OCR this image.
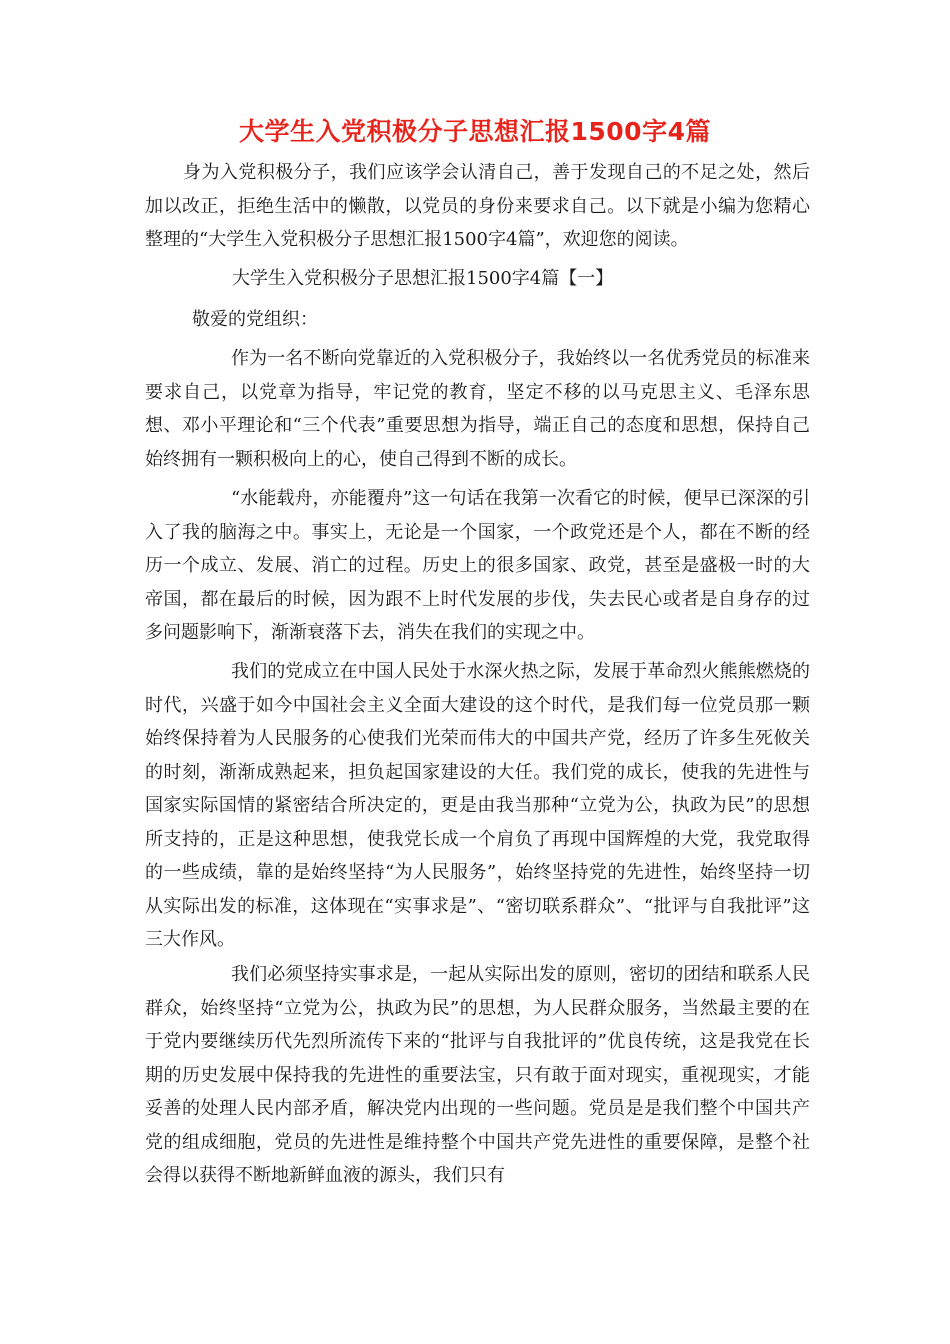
大学生入党积极分子思想汇报1500字4篇

身为入党积极分子，我们应该学会认清自己，善于发现自己的不足之处，然后加以改正，拒绝生活中的懒散，以党员的身份来要求自己。以下就是小编为您精心整理的“大学生入党积极分子思想汇报1500字4篇”，欢迎您的阅读。

大学生入党积极分子思想汇报1500字4篇【一】

敬爱的党组织：

作为一名不断向党靠近的入党积极分子，我始终以一名优秀党员的标准来要求自己，以党章为指导，牢记党的教育，坚定不移的以马克思主义、毛泽东思想、邓小平理论和“三个代表”重要思想为指导，端正自己的态度和思想，保持自己始终拥有一颗积极向上的心，使自己得到不断的成长。

“水能载舟，亦能覆舟”这一句话在我第一次看它的时候，便早已深深的引入了我的脑海之中。事实上，无论是一个国家，一个政党还是个人，都在不断的经历一个成立、发展、消亡的过程。历史上的很多国家、政党，甚至是盛极一时的大帝国，都在最后的时候，因为跟不上时代发展的步伐，失去民心或者是自身存的过多问题影响下，渐渐衰落下去，消失在我们的实现之中。

我们的党成立在中国人民处于水深火热之际，发展于革命烈火熊熊燃烧的时代，兴盛于如今中国社会主义全面大建设的这个时代，是我们每一位党员那一颗始终保持着为人民服务的心使我们光荣而伟大的中国共产党，经历了许多生死攸关的时刻，渐渐成熟起来，担负起国家建设的大任。我们党的成长，使我的先进性与国家实际国情的紧密结合所决定的，更是由我当那种“立党为公，执政为民”的思想所支持的，正是这种思想，使我党长成一个肩负了再现中国辉煌的大党，我党取得的一些成绩，靠的是始终坚持“为人民服务”，始终坚持党的先进性，始终坚持一切从实际出发的标准，这体现在“实事求是”、“密切联系群众”、“批评与自我批评”这三大作风。

我们必须坚持实事求是，一起从实际出发的原则，密切的团结和联系人民群众，始终坚持“立党为公，执政为民”的思想，为人民群众服务，当然最主要的在于党内要继续历代先烈所流传下来的“批评与自我批评的”优良传统，这是我党在长期的历史发展中保持我的先进性的重要法宝，只有敢于面对现实，重视现实，才能妥善的处理人民内部矛盾，解决党内出现的一些问题。党员是是我们整个中国共产党的组成细胞，党员的先进性是维持整个中国共产党先进性的重要保障，是整个社会得以获得不断地新鲜血液的源头，我们只有
